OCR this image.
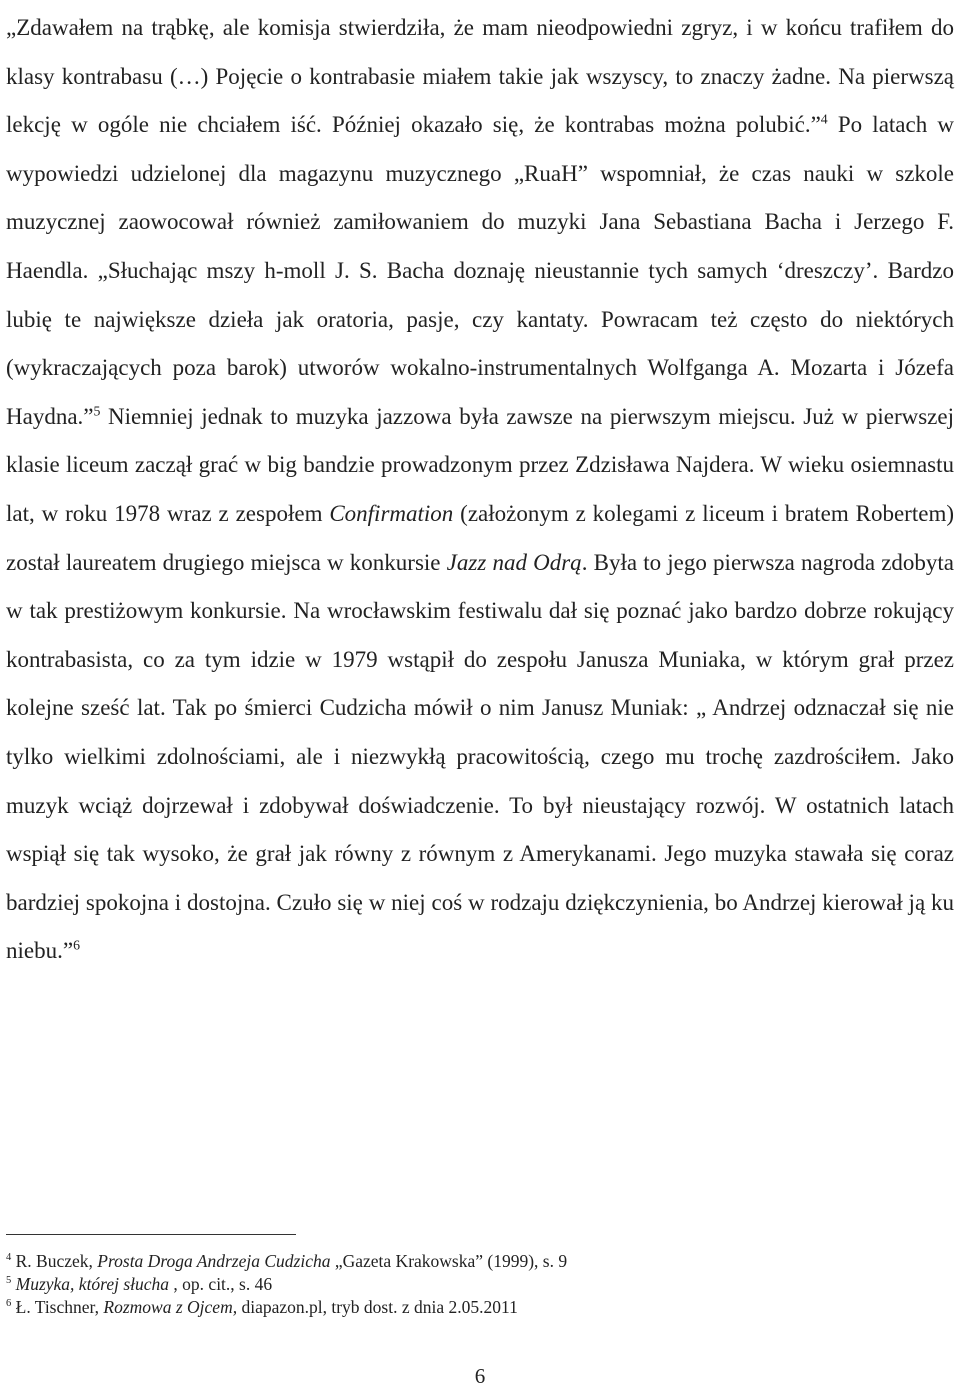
„Zdawałem na trąbkę, ale komisja stwierdziła, że mam nieodpowiedni zgryz, i w końcu trafiłem do klasy kontrabasu (…) Pojęcie o kontrabasie miałem takie jak wszyscy, to znaczy żadne. Na pierwszą lekcję w ogóle nie chciałem iść. Później okazało się, że kontrabas można polubić.”$^4$ Po latach w wypowiedzi udzielonej dla magazynu muzycznego „RuaH” wspomniał, że czas nauki w szkole muzycznej zaowocował również zamiłowaniem do muzyki Jana Sebastiana Bacha i Jerzego F. Haendla. „Słuchając mszy h-moll J. S. Bacha doznaję nieustannie tych samych ‘dreszczy’. Bardzo lubię te największe dzieła jak oratoria, pasje, czy kantaty. Powracam też często do niektórych (wykraczających poza barok) utworów wokalno-instrumentalnych Wolfganga A. Mozarta i Józefa Haydna.”$^5$ Niemniej jednak to muzyka jazzowa była zawsze na pierwszym miejscu. Już w pierwszej klasie liceum zaczął grać w big bandzie prowadzonym przez Zdzisława Najdera. W wieku osiemnastu lat, w roku 1978 wraz z zespołem Confirmation (założonym z kolegami z liceum i bratem Robertem) został laureatem drugiego miejsca w konkursie Jazz nad Odrą. Była to jego pierwsza nagroda zdobyta w tak prestiżowym konkursie. Na wrocławskim festiwalu dał się poznać jako bardzo dobrze rokujący kontrabasista, co za tym idzie w 1979 wstąpił do zespołu Janusza Muniaka, w którym grał przez kolejne sześć lat. Tak po śmierci Cudzicha mówił o nim Janusz Muniak: „ Andrzej odznaczał się nie tylko wielkimi zdolnościami, ale i niezwykłą pracowitością, czego mu trochę zazdrościłem. Jako muzyk wciąż dojrzewał i zdobywał doświadczenie. To był nieustający rozwój. W ostatnich latach wspiął się tak wysoko, że grał jak równy z równym z Amerykanami. Jego muzyka stawała się coraz bardziej spokojna i dostojna. Czuło się w niej coś w rodzaju dziękczynienia, bo Andrzej kierował ją ku niebu.”$^6$

$^4$ R. Buczek, Prosta Droga Andrzeja Cudzicha „Gazeta Krakowska” (1999), s. 9

$^5$ Muzyka, której słucha , op. cit., s. 46

$^6$ Ł. Tischner, Rozmowa z Ojcem, diapazon.pl, tryb dost. z dnia 2.05.2011

6
